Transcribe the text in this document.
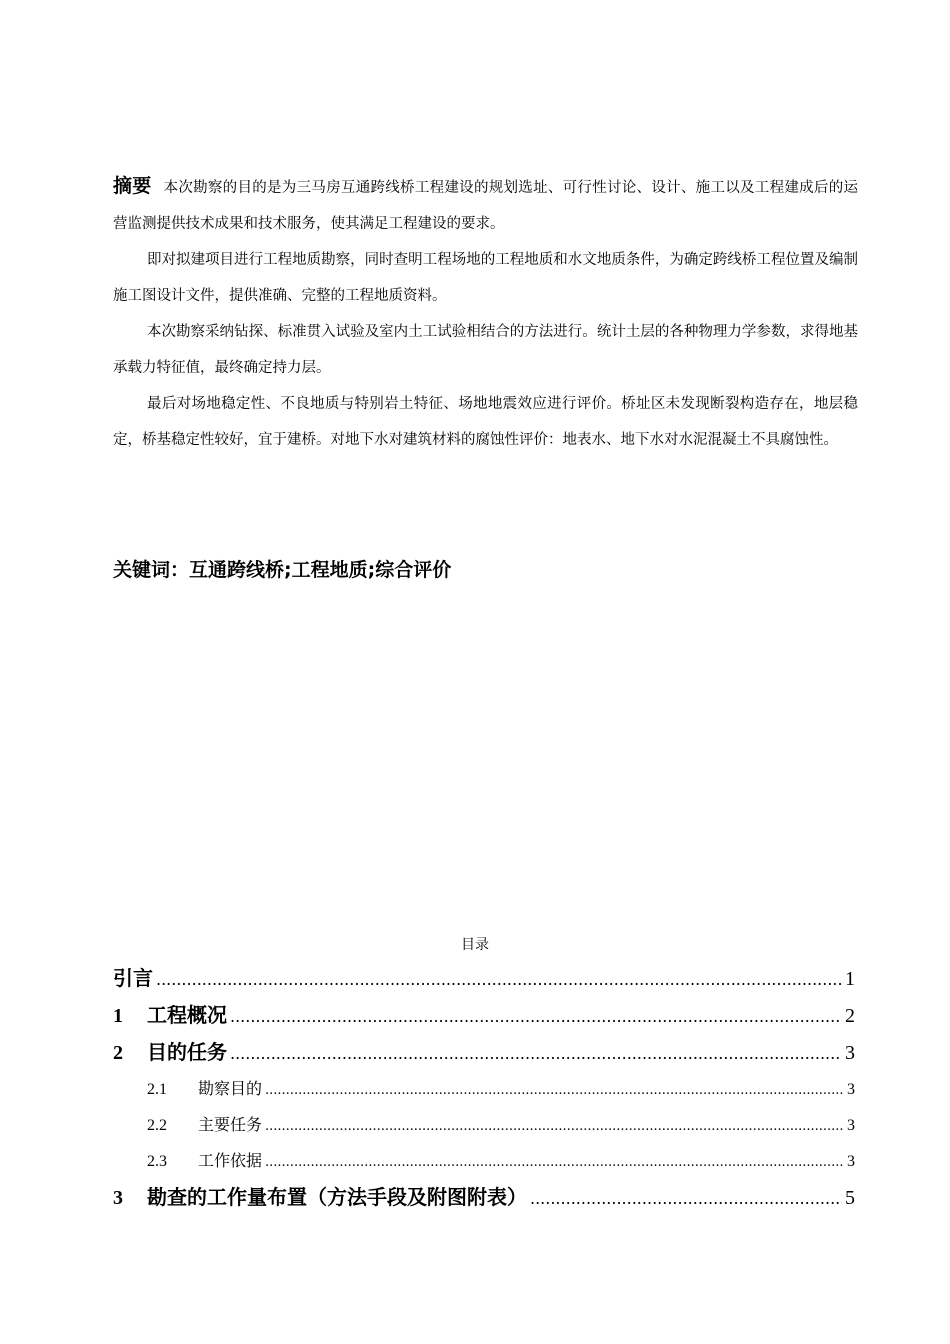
摘要 本次勘察的目的是为三马房互通跨线桥工程建设的规划选址、可行性讨论、设计、施工以及工程建成后的运营监测提供技术成果和技术服务，使其满足工程建设的要求。

即对拟建项目进行工程地质勘察，同时查明工程场地的工程地质和水文地质条件，为确定跨线桥工程位置及编制施工图设计文件，提供准确、完整的工程地质资料。

本次勘察采纳钻探、标准贯入试验及室内土工试验相结合的方法进行。统计土层的各种物理力学参数，求得地基承载力特征值，最终确定持力层。

最后对场地稳定性、不良地质与特别岩土特征、场地地震效应进行评价。桥址区未发现断裂构造存在，地层稳定，桥基稳定性较好，宜于建桥。对地下水对建筑材料的腐蚀性评价：地表水、地下水对水泥混凝土不具腐蚀性。

关键词：互通跨线桥;工程地质;综合评价
目录
引言 .....	1
1	工程概况 .....	2
2	目的任务 .....	3
2.1	勘察目的 .....	3
2.2	主要任务 .....	3
2.3	工作依据 .....	3
3	勘查的工作量布置（方法手段及附图附表） .....	5
